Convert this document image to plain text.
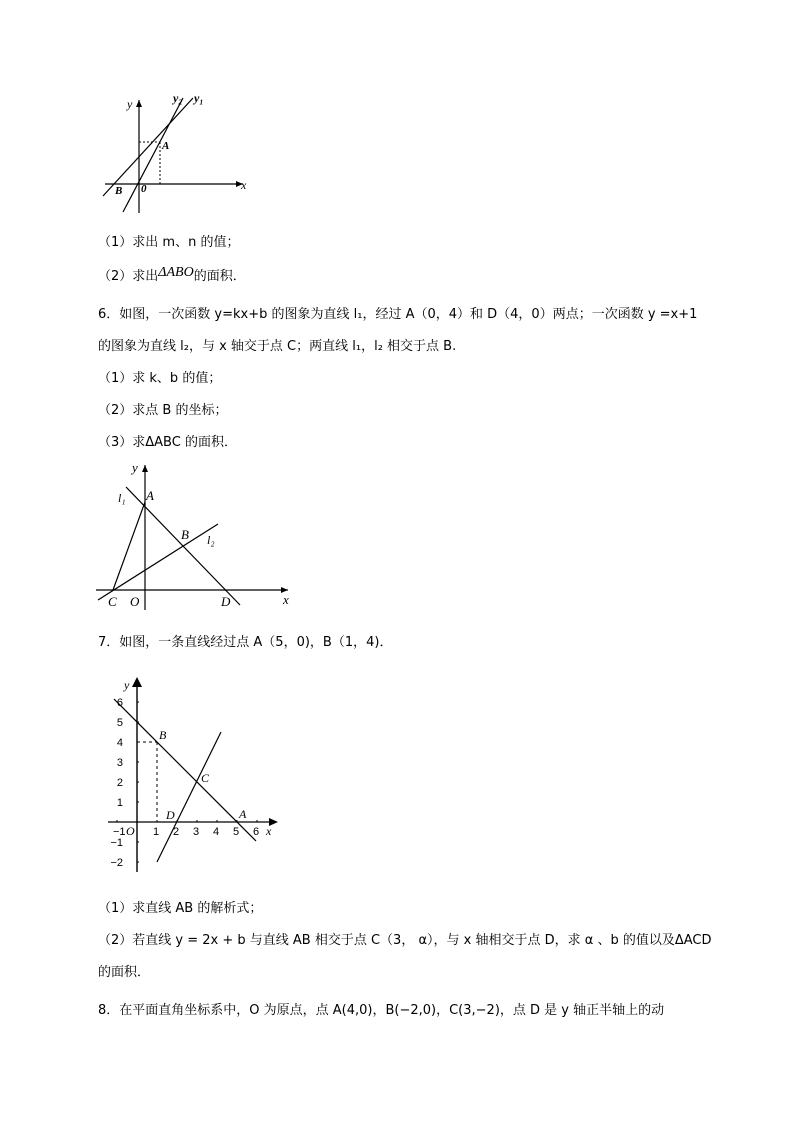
y
x
y₂ y₁
A
B 0
（1）求出 m、n 的值；
（2）求出ΔABO的面积．
6．如图，一次函数 y=kx+b 的图象为直线 l₁，经过 A（0，4）和 D（4，0）两点；一次函数 y =x+1
的图象为直线 l₂，与 x 轴交于点 C；两直线 l₁，l₂ 相交于点 B.
（1）求 k、b 的值；
（2）求点 B 的坐标；
（3）求ΔABC 的面积．
y
x
l₁
l₂
A
B
C O	D
7．如图，一条直线经过点 A（5，0)，B（1，4)．
y
x
B
C
D	A
O
−1 1 2 3 4 5 6
6
5
4
3
2
1
−1
−2
（1）求直线 AB 的解析式；
（2）若直线 y = 2x + b 与直线 AB 相交于点 C（3， α），与 x 轴相交于点 D，求 α 、b 的值以及ΔACD
的面积．
8．在平面直角坐标系中，O 为原点，点 A(4,0)，B(−2,0)，C(3,−2)，点 D 是 y 轴正半轴上的动
